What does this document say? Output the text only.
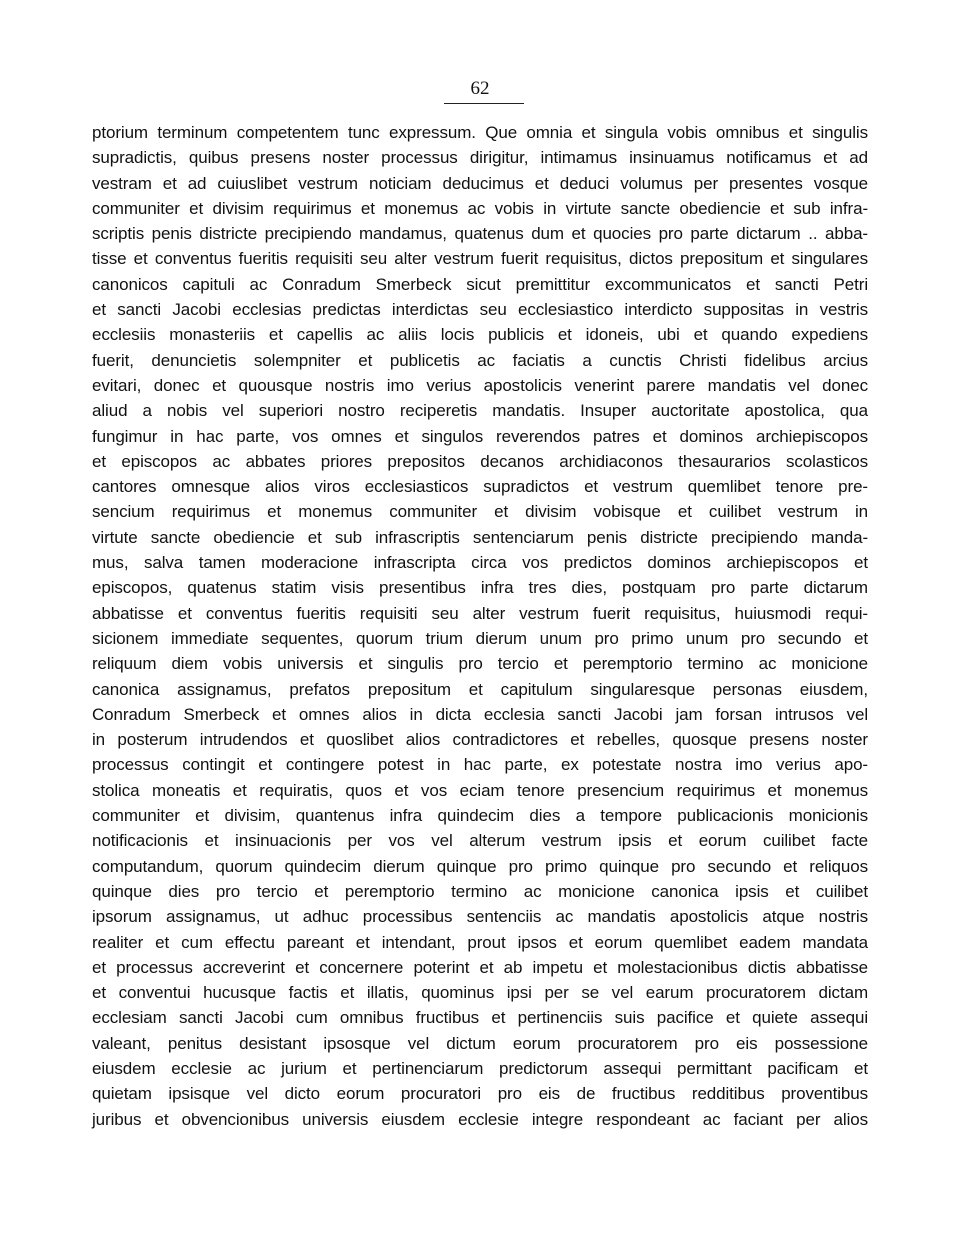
62
ptorium terminum competentem tunc expressum. Que omnia et singula vobis omnibus et singulis
supradictis, quibus presens noster processus dirigitur, intimamus insinuamus notificamus et ad
vestram et ad cuiuslibet vestrum noticiam deducimus et deduci volumus per presentes vosque
communiter et divisim requirimus et monemus ac vobis in virtute sancte obediencie et sub infra-
scriptis penis districte precipiendo mandamus, quatenus dum et quocies pro parte dictarum .. abba-
tisse et conventus fueritis requisiti seu alter vestrum fuerit requisitus, dictos prepositum et singulares
canonicos capituli ac Conradum Smerbeck sicut premittitur excommunicatos et sancti Petri
et sancti Jacobi ecclesias predictas interdictas seu ecclesiastico interdicto suppositas in vestris
ecclesiis monasteriis et capellis ac aliis locis publicis et idoneis, ubi et quando expediens
fuerit, denuncietis solempniter et publicetis ac faciatis a cunctis Christi fidelibus arcius
evitari, donec et quousque nostris imo verius apostolicis venerint parere mandatis vel donec
aliud a nobis vel superiori nostro reciperetis mandatis. Insuper auctoritate apostolica, qua
fungimur in hac parte, vos omnes et singulos reverendos patres et dominos archiepiscopos
et episcopos ac abbates priores prepositos decanos archidiaconos thesaurarios scolasticos
cantores omnesque alios viros ecclesiasticos supradictos et vestrum quemlibet tenore pre-
sencium requirimus et monemus communiter et divisim vobisque et cuilibet vestrum in
virtute sancte obediencie et sub infrascriptis sentenciarum penis districte precipiendo manda-
mus, salva tamen moderacione infrascripta circa vos predictos dominos archiepiscopos et
episcopos, quatenus statim visis presentibus infra tres dies, postquam pro parte dictarum
abbatisse et conventus fueritis requisiti seu alter vestrum fuerit requisitus, huiusmodi requi-
sicionem immediate sequentes, quorum trium dierum unum pro primo unum pro secundo et
reliquum diem vobis universis et singulis pro tercio et peremptorio termino ac monicione
canonica assignamus, prefatos prepositum et capitulum singularesque personas eiusdem,
Conradum Smerbeck et omnes alios in dicta ecclesia sancti Jacobi jam forsan intrusos vel
in posterum intrudendos et quoslibet alios contradictores et rebelles, quosque presens noster
processus contingit et contingere potest in hac parte, ex potestate nostra imo verius apo-
stolica moneatis et requiratis, quos et vos eciam tenore presencium requirimus et monemus
communiter et divisim, quantenus infra quindecim dies a tempore publicacionis monicionis
notificacionis et insinuacionis per vos vel alterum vestrum ipsis et eorum cuilibet facte
computandum, quorum quindecim dierum quinque pro primo quinque pro secundo et reliquos
quinque dies pro tercio et peremptorio termino ac monicione canonica ipsis et cuilibet
ipsorum assignamus, ut adhuc processibus sentenciis ac mandatis apostolicis atque nostris
realiter et cum effectu pareant et intendant, prout ipsos et eorum quemlibet eadem mandata
et processus accreverint et concernere poterint et ab impetu et molestacionibus dictis abbatisse
et conventui hucusque factis et illatis, quominus ipsi per se vel earum procuratorem dictam
ecclesiam sancti Jacobi cum omnibus fructibus et pertinenciis suis pacifice et quiete assequi
valeant, penitus desistant ipsosque vel dictum eorum procuratorem pro eis possessione
eiusdem ecclesie ac jurium et pertinenciarum predictorum assequi permittant pacificam et
quietam ipsisque vel dicto eorum procuratori pro eis de fructibus redditibus proventibus
juribus et obvencionibus universis eiusdem ecclesie integre respondeant ac faciant per alios
